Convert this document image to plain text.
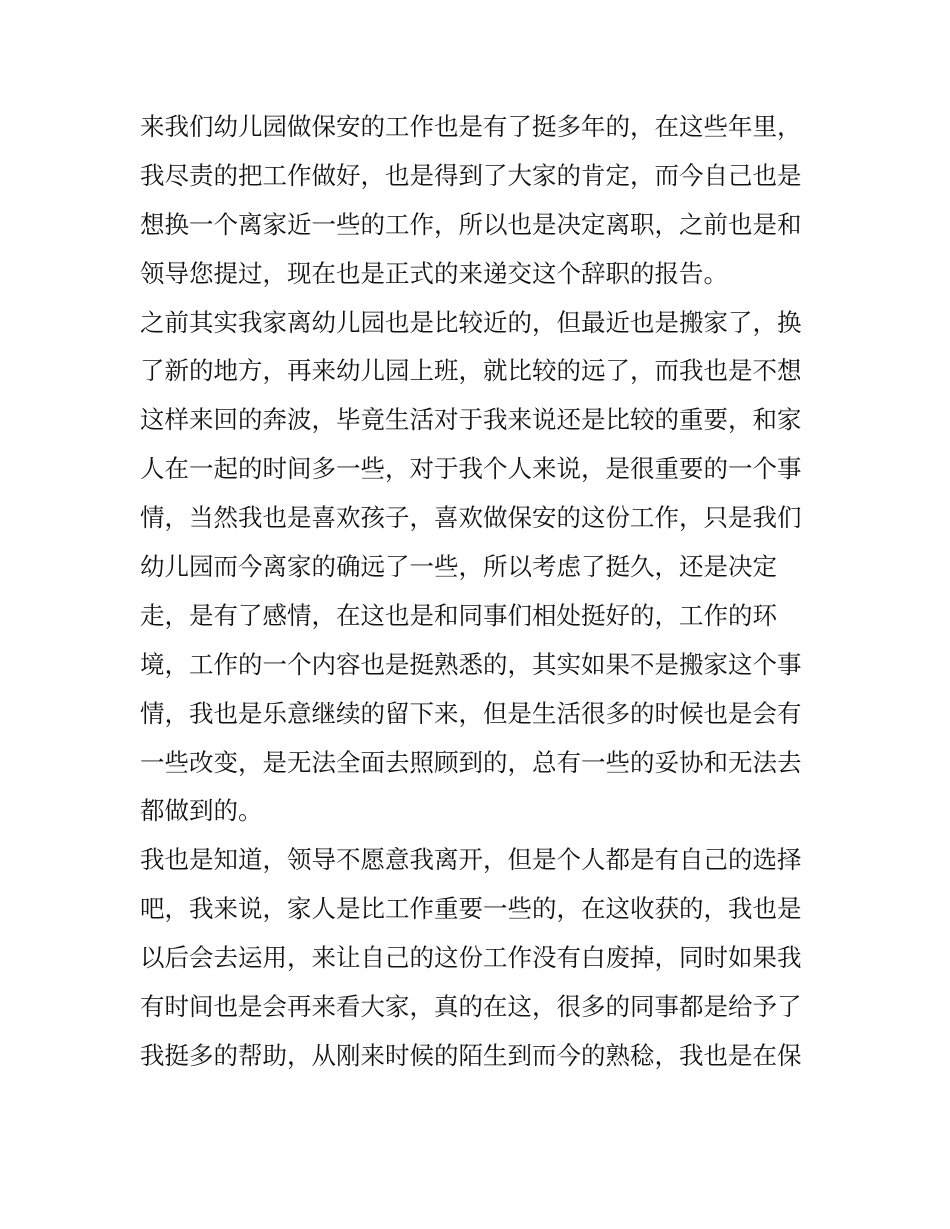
来我们幼儿园做保安的工作也是有了挺多年的，在这些年里，
我尽责的把工作做好，也是得到了大家的肯定，而今自己也是
想换一个离家近一些的工作，所以也是决定离职，之前也是和
领导您提过，现在也是正式的来递交这个辞职的报告。
之前其实我家离幼儿园也是比较近的，但最近也是搬家了，换
了新的地方，再来幼儿园上班，就比较的远了，而我也是不想
这样来回的奔波，毕竟生活对于我来说还是比较的重要，和家
人在一起的时间多一些，对于我个人来说，是很重要的一个事
情，当然我也是喜欢孩子，喜欢做保安的这份工作，只是我们
幼儿园而今离家的确远了一些，所以考虑了挺久，还是决定
走，是有了感情，在这也是和同事们相处挺好的，工作的环
境，工作的一个内容也是挺熟悉的，其实如果不是搬家这个事
情，我也是乐意继续的留下来，但是生活很多的时候也是会有
一些改变，是无法全面去照顾到的，总有一些的妥协和无法去
都做到的。
我也是知道，领导不愿意我离开，但是个人都是有自己的选择
吧，我来说，家人是比工作重要一些的，在这收获的，我也是
以后会去运用，来让自己的这份工作没有白废掉，同时如果我
有时间也是会再来看大家，真的在这，很多的同事都是给予了
我挺多的帮助，从刚来时候的陌生到而今的熟稔，我也是在保
